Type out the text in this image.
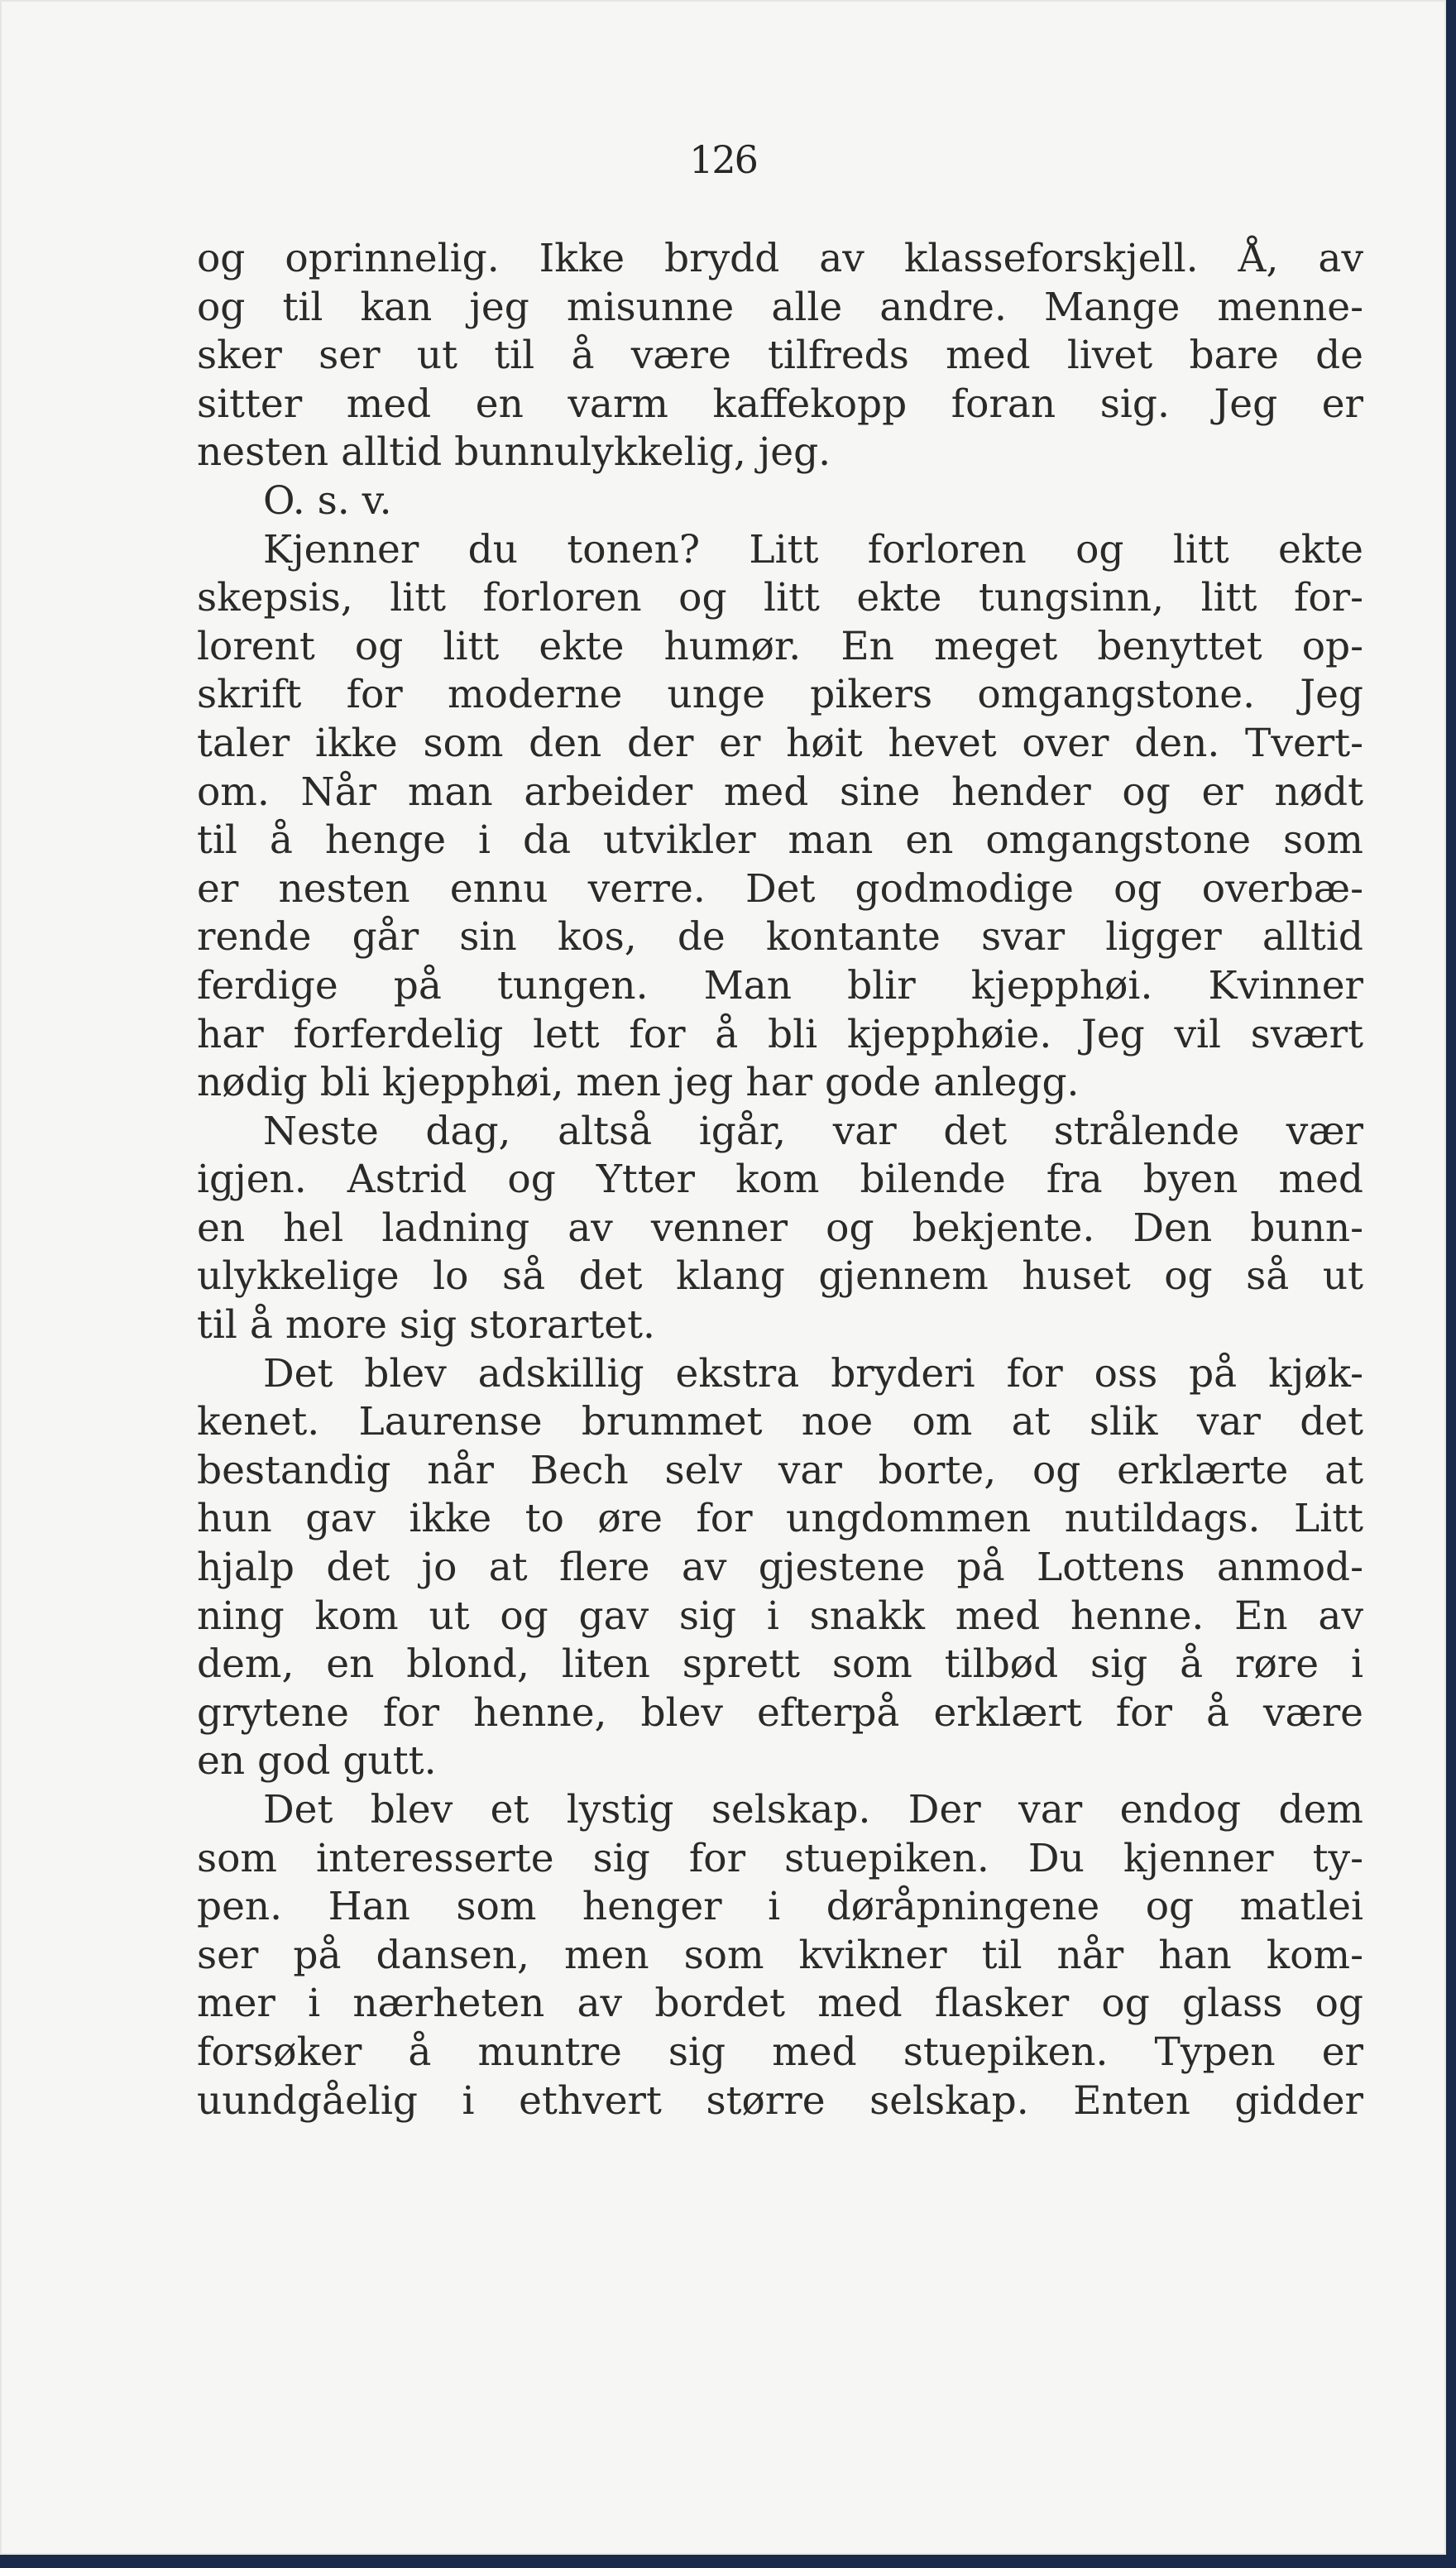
126
og oprinnelig. Ikke brydd av klasseforskjell. Å, av
og til kan jeg misunne alle andre. Mange menne-
sker ser ut til å være tilfreds med livet bare de
sitter med en varm kaffekopp foran sig. Jeg er
nesten alltid bunnulykkelig, jeg.
O. s. v.
Kjenner du tonen? Litt forloren og litt ekte
skepsis, litt forloren og litt ekte tungsinn, litt for-
lorent og litt ekte humør. En meget benyttet op-
skrift for moderne unge pikers omgangstone. Jeg
taler ikke som den der er høit hevet over den. Tvert-
om. Når man arbeider med sine hender og er nødt
til å henge i da utvikler man en omgangstone som
er nesten ennu verre. Det godmodige og overbæ-
rende går sin kos, de kontante svar ligger alltid
ferdige på tungen. Man blir kjepphøi. Kvinner
har forferdelig lett for å bli kjepphøie. Jeg vil svært
nødig bli kjepphøi, men jeg har gode anlegg.
Neste dag, altså igår, var det strålende vær
igjen. Astrid og Ytter kom bilende fra byen med
en hel ladning av venner og bekjente. Den bunn-
ulykkelige lo så det klang gjennem huset og så ut
til å more sig storartet.
Det blev adskillig ekstra bryderi for oss på kjøk-
kenet. Laurense brummet noe om at slik var det
bestandig når Bech selv var borte, og erklærte at
hun gav ikke to øre for ungdommen nutildags. Litt
hjalp det jo at flere av gjestene på Lottens anmod-
ning kom ut og gav sig i snakk med henne. En av
dem, en blond, liten sprett som tilbød sig å røre i
grytene for henne, blev efterpå erklært for å være
en god gutt.
Det blev et lystig selskap. Der var endog dem
som interesserte sig for stuepiken. Du kjenner ty-
pen. Han som henger i døråpningene og matlei
ser på dansen, men som kvikner til når han kom-
mer i nærheten av bordet med flasker og glass og
forsøker å muntre sig med stuepiken. Typen er
uundgåelig i ethvert større selskap. Enten gidder
